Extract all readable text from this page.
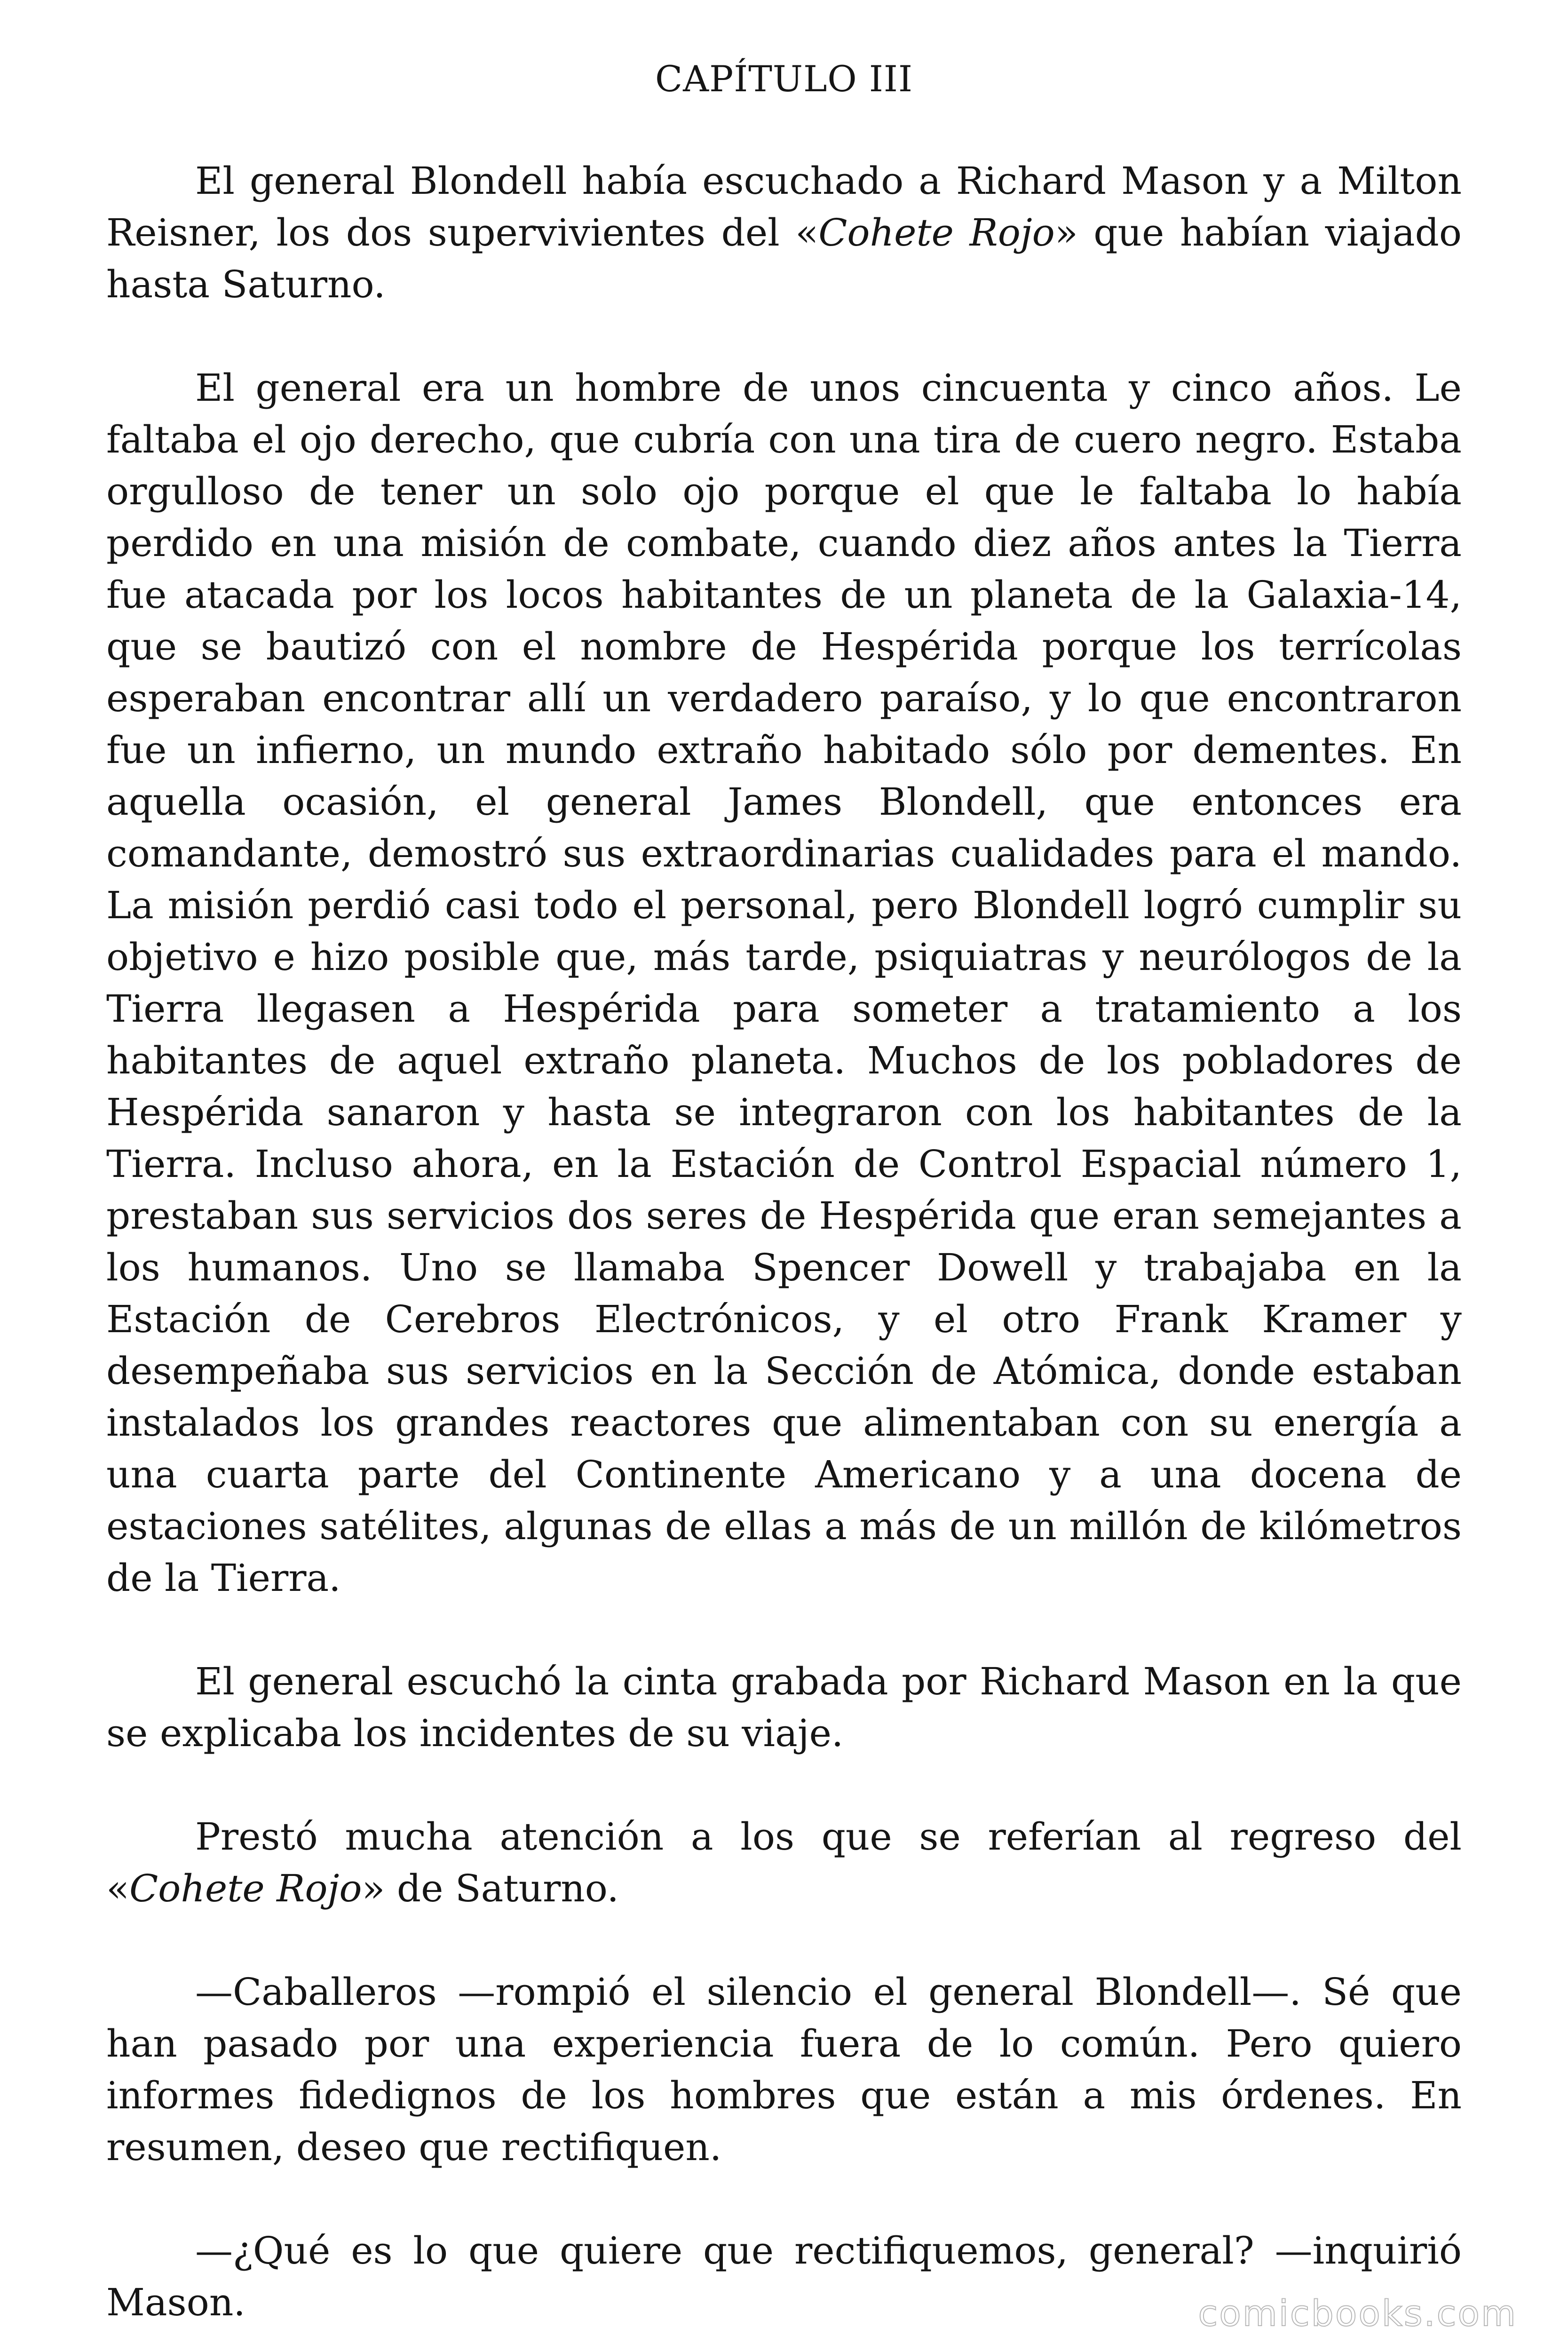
CAPÍTULO III

El general Blondell había escuchado a Richard Mason y a Milton Reisner, los dos supervivientes del «Cohete Rojo» que habían viajado hasta Saturno.

El general era un hombre de unos cincuenta y cinco años. Le faltaba el ojo derecho, que cubría con una tira de cuero negro. Estaba orgulloso de tener un solo ojo porque el que le faltaba lo había perdido en una misión de combate, cuando diez años antes la Tierra fue atacada por los locos habitantes de un planeta de la Galaxia-14, que se bautizó con el nombre de Hespérida porque los terrícolas esperaban encontrar allí un verdadero paraíso, y lo que encontraron fue un infierno, un mundo extraño habitado sólo por dementes. En aquella ocasión, el general James Blondell, que entonces era comandante, demostró sus extraordinarias cualidades para el mando. La misión perdió casi todo el personal, pero Blondell logró cumplir su objetivo e hizo posible que, más tarde, psiquiatras y neurólogos de la Tierra llegasen a Hespérida para someter a tratamiento a los habitantes de aquel extraño planeta. Muchos de los pobladores de Hespérida sanaron y hasta se integraron con los habitantes de la Tierra. Incluso ahora, en la Estación de Control Espacial número 1, prestaban sus servicios dos seres de Hespérida que eran semejantes a los humanos. Uno se llamaba Spencer Dowell y trabajaba en la Estación de Cerebros Electrónicos, y el otro Frank Kramer y desempeñaba sus servicios en la Sección de Atómica, donde estaban instalados los grandes reactores que alimentaban con su energía a una cuarta parte del Continente Americano y a una docena de estaciones satélites, algunas de ellas a más de un millón de kilómetros de la Tierra.

El general escuchó la cinta grabada por Richard Mason en la que se explicaba los incidentes de su viaje.

Prestó mucha atención a los que se referían al regreso del «Cohete Rojo» de Saturno.

—Caballeros —rompió el silencio el general Blondell—. Sé que han pasado por una experiencia fuera de lo común. Pero quiero informes fidedignos de los hombres que están a mis órdenes. En resumen, deseo que rectifiquen.

—¿Qué es lo que quiere que rectifiquemos, general? —inquirió Mason.	comicbooks.com
